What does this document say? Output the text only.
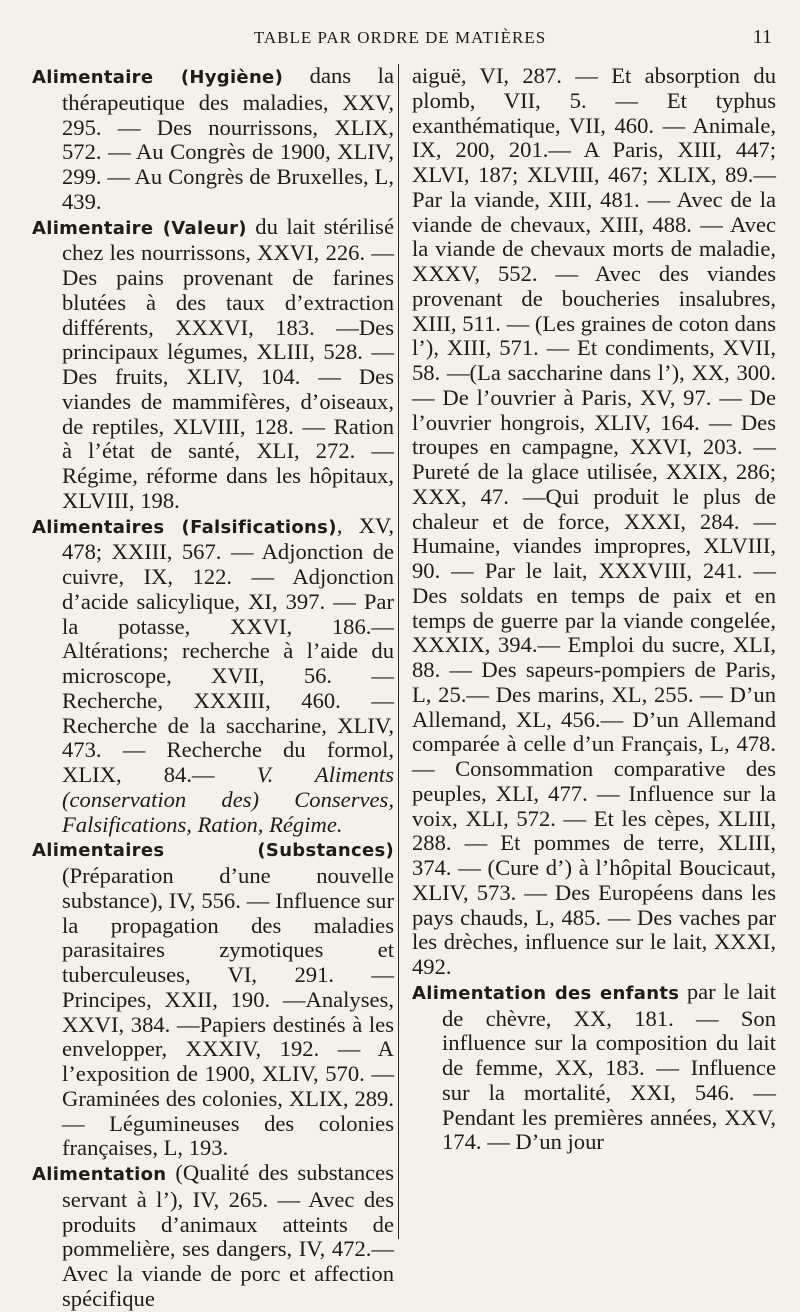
TABLE PAR ORDRE DE MATIÈRES	11

Alimentaire (Hygiène) dans la thérapeutique des maladies, XXV, 295. — Des nourrissons, XLIX, 572. — Au Congrès de 1900, XLIV, 299. — Au Congrès de Bruxelles, L, 439.

Alimentaire (Valeur) du lait stérilisé chez les nourrissons, XXVI, 226. — Des pains provenant de farines blutées à des taux d’extraction différents, XXXVI, 183. —Des principaux légumes, XLIII, 528. — Des fruits, XLIV, 104. — Des viandes de mammifères, d’oiseaux, de reptiles, XLVIII, 128. — Ration à l’état de santé, XLI, 272. — Régime, réforme dans les hôpitaux, XLVIII, 198.

Alimentaires (Falsifications), XV, 478; XXIII, 567. — Adjonction de cuivre, IX, 122. — Adjonction d’acide salicylique, XI, 397. — Par la potasse, XXVI, 186.— Altérations; recherche à l’aide du microscope, XVII, 56. — Recherche, XXXIII, 460. — Recherche de la saccharine, XLIV, 473. — Recherche du formol, XLIX, 84.— V. Aliments (conservation des) Conserves, Falsifications, Ration, Régime.

Alimentaires (Substances) (Préparation d’une nouvelle substance), IV, 556. — Influence sur la propagation des maladies parasitaires zymotiques et tuberculeuses, VI, 291. — Principes, XXII, 190. —Analyses, XXVI, 384. —Papiers destinés à les envelopper, XXXIV, 192. — A l’exposition de 1900, XLIV, 570. — Graminées des colonies, XLIX, 289. — Légumineuses des colonies françaises, L, 193.

Alimentation (Qualité des substances servant à l’), IV, 265. — Avec des produits d’animaux atteints de pommelière, ses dangers, IV, 472.— Avec la viande de porc et affection spécifique

aiguë, VI, 287. — Et absorption du plomb, VII, 5. — Et typhus exanthématique, VII, 460. — Animale, IX, 200, 201.— A Paris, XIII, 447; XLVI, 187; XLVIII, 467; XLIX, 89.— Par la viande, XIII, 481. — Avec de la viande de chevaux, XIII, 488. — Avec la viande de chevaux morts de maladie, XXXV, 552. — Avec des viandes provenant de boucheries insalubres, XIII, 511. — (Les graines de coton dans l’), XIII, 571. — Et condiments, XVII, 58. —(La saccharine dans l’), XX, 300. — De l’ouvrier à Paris, XV, 97. — De l’ouvrier hongrois, XLIV, 164. — Des troupes en campagne, XXVI, 203. — Pureté de la glace utilisée, XXIX, 286; XXX, 47. —Qui produit le plus de chaleur et de force, XXXI, 284. — Humaine, viandes impropres, XLVIII, 90. — Par le lait, XXXVIII, 241. — Des soldats en temps de paix et en temps de guerre par la viande congelée, XXXIX, 394.— Emploi du sucre, XLI, 88. — Des sapeurs-pompiers de Paris, L, 25.— Des marins, XL, 255. — D’un Allemand, XL, 456.— D’un Allemand comparée à celle d’un Français, L, 478. — Consommation comparative des peuples, XLI, 477. — Influence sur la voix, XLI, 572. — Et les cèpes, XLIII, 288. — Et pommes de terre, XLIII, 374. — (Cure d’) à l’hôpital Boucicaut, XLIV, 573. — Des Européens dans les pays chauds, L, 485. — Des vaches par les drèches, influence sur le lait, XXXI, 492.

Alimentation des enfants par le lait de chèvre, XX, 181. — Son influence sur la composition du lait de femme, XX, 183. — Influence sur la mortalité, XXI, 546. — Pendant les premières années, XXV, 174. — D’un jour
